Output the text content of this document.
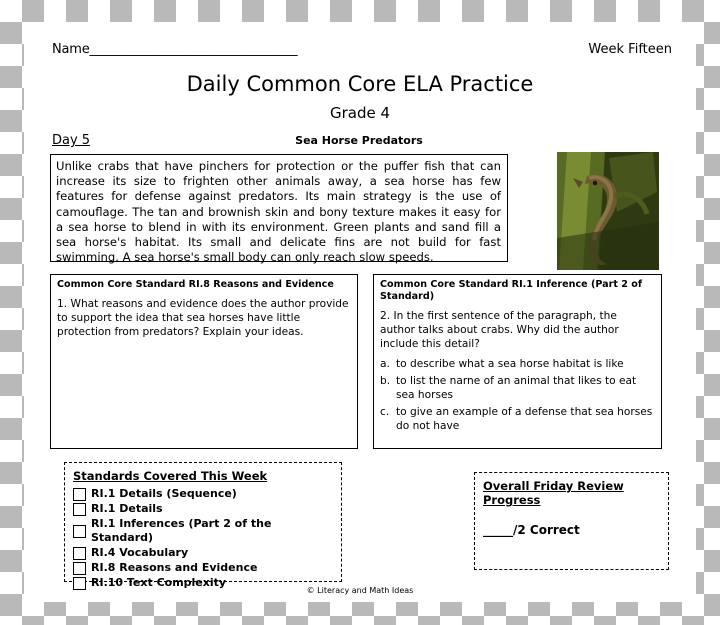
Name_________________________________	Week Fifteen
Daily Common Core ELA Practice
Grade 4
Day 5	Sea Horse Predators
Unlike crabs that have pinchers for protection or the puffer fish that can increase its size to frighten other animals away, a sea horse has few features for defense against predators. Its main strategy is the use of camouflage. The tan and brownish skin and bony texture makes it easy for a sea horse to blend in with its environment. Green plants and sand fill a sea horse's habitat. Its small and delicate fins are not build for fast swimming. A sea horse's small body can only reach slow speeds.
Common Core Standard RI.8 Reasons and Evidence
1. What reasons and evidence does the author provide to support the idea that sea horses have little protection from predators? Explain your ideas.
Common Core Standard RI.1 Inference (Part 2 of Standard)
2. In the first sentence of the paragraph, the author talks about crabs. Why did the author include this detail?
a. to describe what a sea horse habitat is like
b. to list the narne of an animal that likes to eat sea horses
c. to give an example of a defense that sea horses do not have
Standards Covered This Week
RI.1 Details (Sequence)
RI.1 Details
RI.1 Inferences (Part 2 of the Standard)
RI.4 Vocabulary
RI.8 Reasons and Evidence
RI.10 Text Complexity
Overall Friday Review Progress
_____/2 Correct
© Literacy and Math Ideas
